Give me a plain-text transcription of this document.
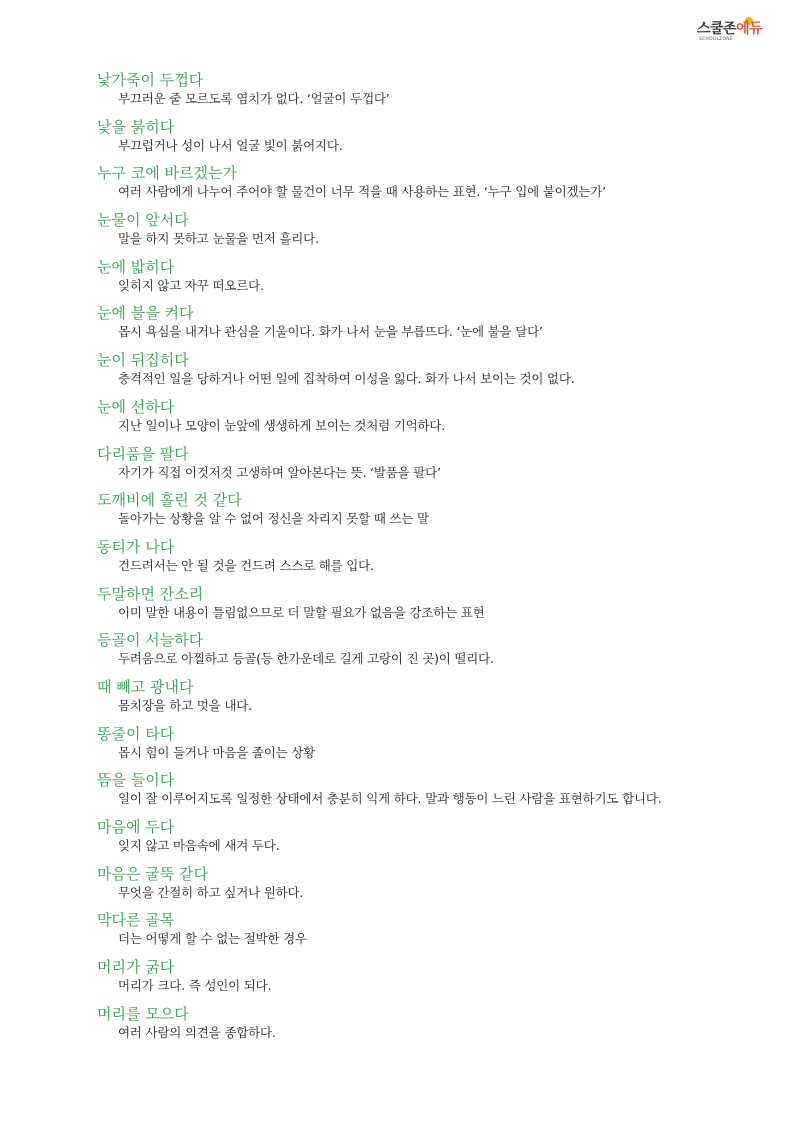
스쿨존에듀
SCHOOLZONE
낯가죽이 두껍다
부끄러운 줄 모르도록 염치가 없다. ‘얼굴이 두껍다’
낯을 붉히다
부끄럽거나 성이 나서 얼굴 빛이 붉어지다.
누구 코에 바르겠는가
여러 사람에게 나누어 주어야 할 물건이 너무 적을 때 사용하는 표현. ‘누구 입에 붙이겠는가’
눈물이 앞서다
말을 하지 못하고 눈물을 먼저 흘리다.
눈에 밟히다
잊히지 않고 자꾸 떠오르다.
눈에 불을 켜다
몹시 욕심을 내거나 관심을 기울이다. 화가 나서 눈을 부릅뜨다. ‘눈에 불을 달다’
눈이 뒤집히다
충격적인 일을 당하거나 어떤 일에 집착하여 이성을 잃다. 화가 나서 보이는 것이 없다.
눈에 선하다
지난 일이나 모양이 눈앞에 생생하게 보이는 것처럼 기억하다.
다리품을 팔다
자기가 직접 이것저것 고생하며 알아본다는 뜻. ‘발품을 팔다’
도깨비에 홀린 것 같다
돌아가는 상황을 알 수 없어 정신을 차리지 못할 때 쓰는 말
동티가 나다
건드려서는 안 될 것을 건드려 스스로 해를 입다.
두말하면 잔소리
이미 말한 내용이 틀림없으므로 더 말할 필요가 없음을 강조하는 표현
등골이 서늘하다
두려움으로 아찔하고 등골(등 한가운데로 길게 고랑이 진 곳)이 떨리다.
때 빼고 광내다
몸치장을 하고 멋을 내다.
똥줄이 타다
몹시 힘이 들거나 마음을 졸이는 상황
뜸을 들이다
일이 잘 이루어지도록 일정한 상태에서 충분히 익게 하다. 말과 행동이 느린 사람을 표현하기도 합니다.
마음에 두다
잊지 않고 마음속에 새겨 두다.
마음은 굴뚝 같다
무엇을 간절히 하고 싶거나 원하다.
막다른 골목
더는 어떻게 할 수 없는 절박한 경우
머리가 굵다
머리가 크다. 즉 성인이 되다.
머리를 모으다
여러 사람의 의견을 종합하다.
